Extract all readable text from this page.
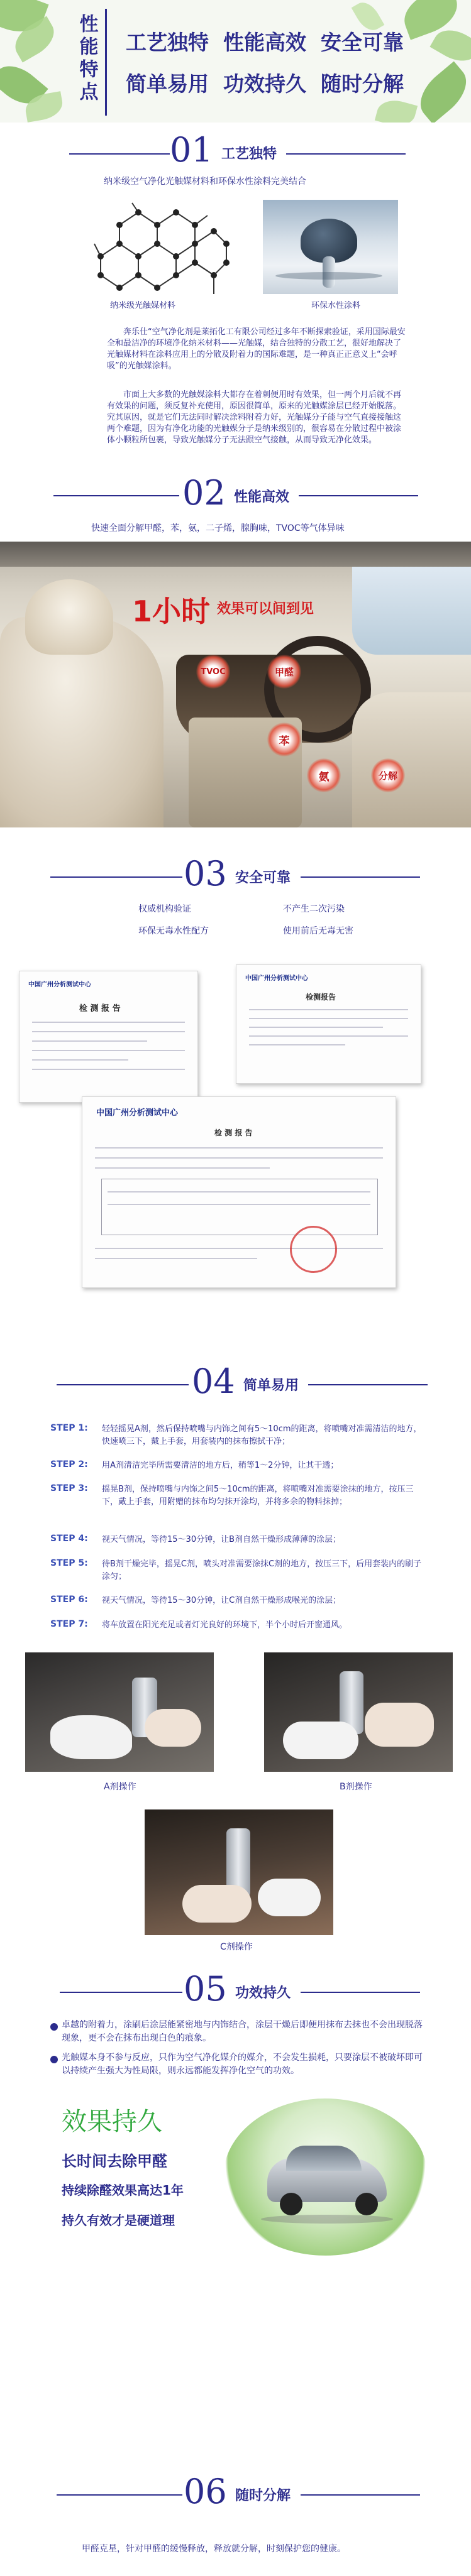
性能特点 工艺独特  性能高效  安全可靠
简单易用  功效持久  随时分解
01 工艺独特
纳米级空气净化光触媒材料和环保水性涂料完美结合
纳米级光触媒材料	环保水性涂料
奔乐仕“空气净化剂是莱拓化工有限公司经过多年不断探索验证，采用国际最安全和最洁净的环境净化纳米材料——光触媒，结合独特的分散工艺，很好地解决了光触媒材料在涂料应用上的分散及附着力的国际难题，是一种真正正意义上“会呼吸”的光触媒涂料。
市面上大多数的光触媒涂料大都存在着刺便用时有效果，但一两个月后就不再有效果的问题，须反复补充使用，原因很简单，原来的光触媒涂层已经开始脱落。究其原因，就是它们无法同时解决涂料附着力好，光触媒分子能与空气直接接触这两个难题，因为有净化功能的光触媒分子是纳米级别的，很容易在分散过程中被涂体小颗粒所包裹，导致光触媒分子无法跟空气接触，从而导致无净化效果。
02 性能高效
快速全面分解甲醛，苯，氨，二子烯，腺胸味，TVOC等气体异味
1小时 效果可以间到见
TVOC	甲醛
苯
氨	分解
03 安全可靠
权威机构验证	不产生二次污染
环保无毒水性配方	使用前后无毒无害
中国广州分析测试中心
检 测 报 告
中国广州分析测试中心
检测报告
中国广州分析测试中心
检 测 报 告
04 简单易用
STEP 1: 轻轻摇晃A剂，然后保持喷嘴与内饰之间有5～10cm的距离，将喷嘴对准需清洁的地方，快速喷三下，戴上手套，用套装内的抹布擦拭干净；
STEP 2: 用A剂清洁完毕所需要清洁的地方后，稍等1～2分钟，让其干透；
STEP 3: 摇晃B剂，保持喷嘴与内饰之间5～10cm的距离，将喷嘴对准需要涂抹的地方，按压三下，戴上手套，用附赠的抹布均匀抹开涂均，并将多余的物料抹掉；
STEP 4: 视天气情况，等待15～30分钟，让B剂自然干燥形成薄薄的涂层；
STEP 5: 待B剂干燥完毕，摇晃C剂，喷头对准需要涂抹C剂的地方，按压三下，后用套装内的刷子涂匀；
STEP 6: 视天气情况，等待15～30分钟，让C剂自然干燥形成喉光的涂层；
STEP 7: 将车放置在阳光充足或者灯光良好的环境下，半个小时后开窗通风。
A剂操作	B剂操作
C剂操作
05 功效持久
卓越的附着力，涂刷后涂层能紧密地与内饰结合，涂层干燥后即便用抹布去抹也不会出现脱落现象，更不会在抹布出现白色的痕象。
光触媒本身不参与反应，只作为空气净化媒介的媒介，不会发生损耗，只要涂层不被破坏即可以持续产生强大为性局限，则永远都能发挥净化空气的功效。
效果持久
长时间去除甲醛
持续除醛效果高达1年
持久有效才是硬道理
06 随时分解
甲醛克星，针对甲醛的缓慢释放，释放就分解，时刻保护您的健康。
